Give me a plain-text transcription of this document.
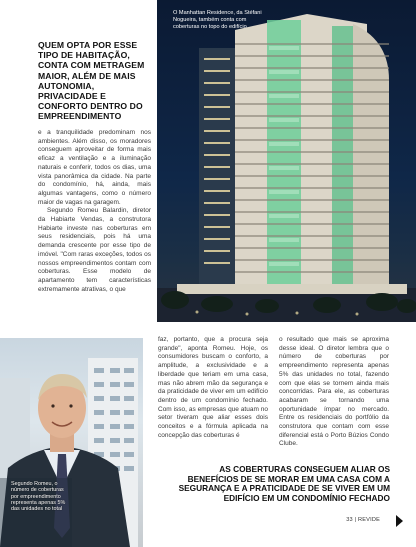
O Manhattan Residence, da Stéfani Nogueira, também conta com coberturas no topo do edifício
QUEM OPTA POR ESSE TIPO DE HABITAÇÃO, CONTA COM METRAGEM MAIOR, ALÉM DE MAIS AUTONOMIA, PRIVACIDADE E CONFORTO DENTRO DO EMPREENDIMENTO

e a tranquilidade predominam nos ambientes. Além disso, os moradores conseguem aproveitar de forma mais eficaz a ventilação e a iluminação naturais e conferir, todos os dias, uma vista panorâmica da cidade. Na parte do condomínio, há, ainda, mais algumas vantagens, como o número maior de vagas na garagem.

Segundo Romeu Balardin, diretor da Habiarte Vendas, a construtora Habiarte investe nas coberturas em seus residenciais, pois há uma demanda crescente por esse tipo de imóvel. "Com raras exceções, todos os nossos empreendimentos contam com coberturas. Esse modelo de apartamento tem características extremamente atrativas, o que

Segundo Romeu, o número de coberturas por empreendimento representa apenas 5% das unidades no total

faz, portanto, que a procura seja grande", aponta Romeu. Hoje, os consumidores buscam o conforto, a amplitude, a exclusividade e a liberdade que teriam em uma casa, mas não abrem mão da segurança e da praticidade de viver em um edifício dentro de um condomínio fechado. Com isso, as empresas que atuam no setor tiveram que aliar esses dois conceitos e a fórmula aplicada na concepção das coberturas é

o resultado que mais se aproxima desse ideal. O diretor lembra que o número de coberturas por empreendimento representa apenas 5% das unidades no total, fazendo com que elas se tornem ainda mais concorridas. Para ele, as coberturas acabaram se tornando uma oportunidade ímpar no mercado. Entre os residenciais do portfólio da construtora que contam com esse diferencial está o Porto Búzios Condo Clube.

AS COBERTURAS CONSEGUEM ALIAR OS BENEFÍCIOS DE SE MORAR EM UMA CASA COM A SEGURANÇA E A PRATICIDADE DE SE VIVER EM UM EDIFÍCIO EM UM CONDOMÍNIO FECHADO
33 | REVIDE
